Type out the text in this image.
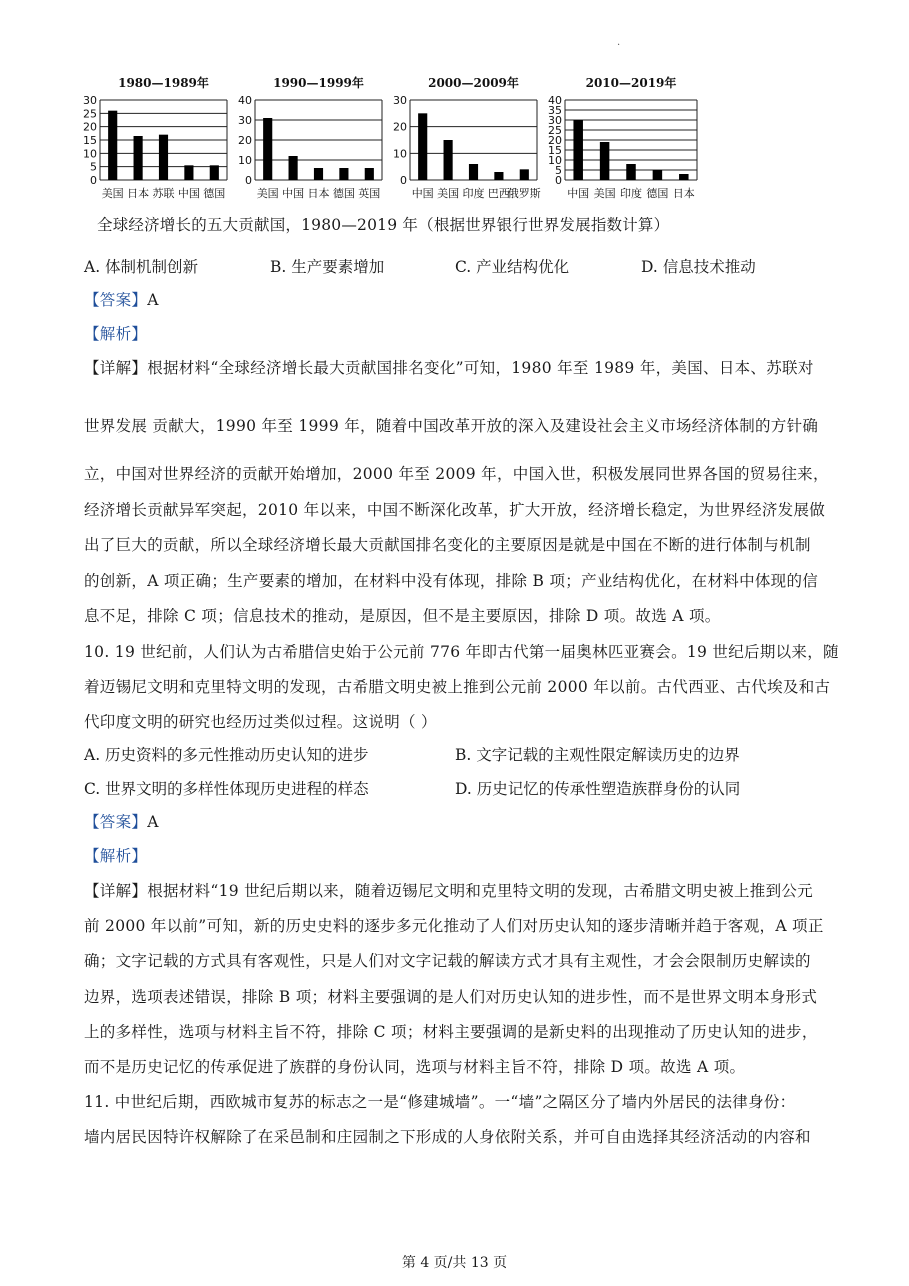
.
1980—1989年
0
5
10
15
20
25
30
美国 日本 苏联 中国 德国
1990—1999年
0
10
20
30
40
美国 中国 日本 德国 英国
2000—2009年
0
10
20
30
中国 美国 印度 巴西
俄罗斯
2010—2019年
0
5
10
15
20
25
30
35
40
中国 美国 印度 德国 日本
全球经济增长的五大贡献国，1980—2019 年（根据世界银行世界发展指数计算）
A. 体制机制创新	B. 生产要素增加	C. 产业结构优化	D. 信息技术推动
【答案】A
【解析】
【详解】根据材料“全球经济增长最大贡献国排名变化”可知，1980 年至 1989 年，美国、日本、苏联对
世界发展 贡献大，1990 年至 1999 年，随着中国改革开放的深入及建设社会主义市场经济体制的方针确
立，中国对世界经济的贡献开始增加，2000 年至 2009 年，中国入世，积极发展同世界各国的贸易往来，
经济增长贡献异军突起，2010 年以来，中国不断深化改革，扩大开放，经济增长稳定，为世界经济发展做
出了巨大的贡献，所以全球经济增长最大贡献国排名变化的主要原因是就是中国在不断的进行体制与机制
的创新，A 项正确；生产要素的增加，在材料中没有体现，排除 B 项；产业结构优化，在材料中体现的信
息不足，排除 C 项；信息技术的推动，是原因，但不是主要原因，排除 D 项。故选 A 项。
10. 19 世纪前，人们认为古希腊信史始于公元前 776 年即古代第一届奥林匹亚赛会。19 世纪后期以来，随
着迈锡尼文明和克里特文明的发现，古希腊文明史被上推到公元前 2000 年以前。古代西亚、古代埃及和古
代印度文明的研究也经历过类似过程。这说明（ ）
A. 历史资料的多元性推动历史认知的进步	B. 文字记载的主观性限定解读历史的边界
C. 世界文明的多样性体现历史进程的样态	D. 历史记忆的传承性塑造族群身份的认同
【答案】A
【解析】
【详解】根据材料“19 世纪后期以来，随着迈锡尼文明和克里特文明的发现，古希腊文明史被上推到公元
前 2000 年以前”可知，新的历史史料的逐步多元化推动了人们对历史认知的逐步清晰并趋于客观，A 项正
确；文字记载的方式具有客观性，只是人们对文字记载的解读方式才具有主观性，才会会限制历史解读的
边界，选项表述错误，排除 B 项；材料主要强调的是人们对历史认知的进步性，而不是世界文明本身形式
上的多样性，选项与材料主旨不符，排除 C 项；材料主要强调的是新史料的出现推动了历史认知的进步，
而不是历史记忆的传承促进了族群的身份认同，选项与材料主旨不符，排除 D 项。故选 A 项。
11. 中世纪后期，西欧城市复苏的标志之一是“修建城墙”。一“墙”之隔区分了墙内外居民的法律身份：
墙内居民因特许权解除了在采邑制和庄园制之下形成的人身依附关系，并可自由选择其经济活动的内容和
第 4 页/共 13 页
